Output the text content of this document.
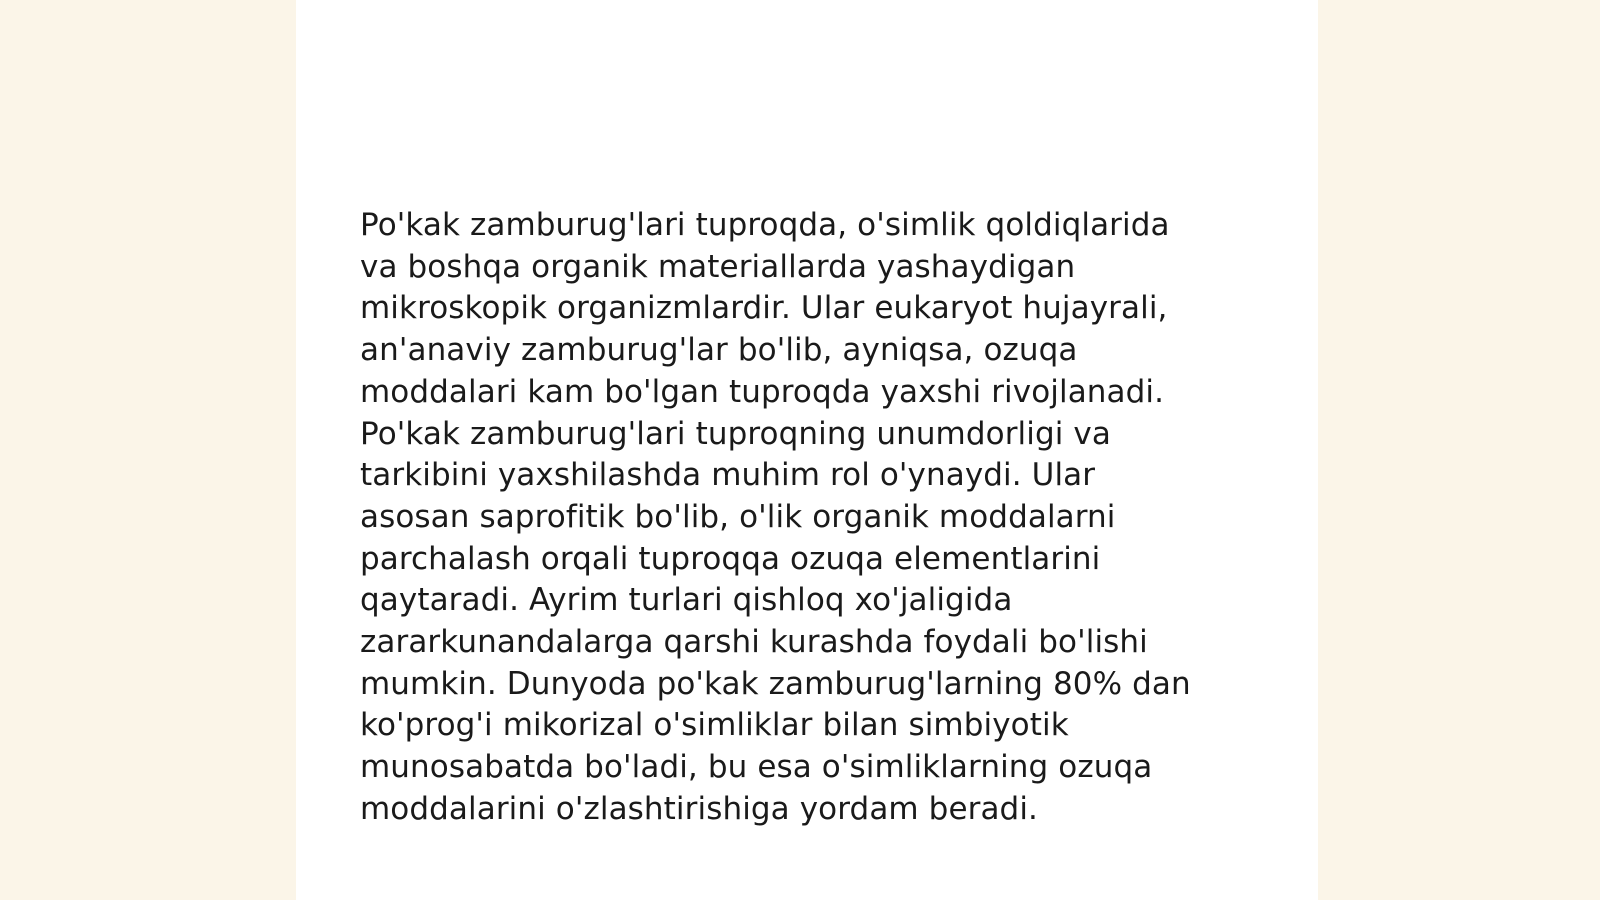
Po'kak zamburug'lari tuproqda, o'simlik qoldiqlarida
va boshqa organik materiallarda yashaydigan
mikroskopik organizmlardir. Ular eukaryot hujayrali,
an'anaviy zamburug'lar bo'lib, ayniqsa, ozuqa
moddalari kam bo'lgan tuproqda yaxshi rivojlanadi.
Po'kak zamburug'lari tuproqning unumdorligi va
tarkibini yaxshilashda muhim rol o'ynaydi. Ular
asosan saprofitik bo'lib, o'lik organik moddalarni
parchalash orqali tuproqqa ozuqa elementlarini
qaytaradi. Ayrim turlari qishloq xo'jaligida
zararkunandalarga qarshi kurashda foydali bo'lishi
mumkin. Dunyoda po'kak zamburug'larning 80% dan
ko'prog'i mikorizal o'simliklar bilan simbiyotik
munosabatda bo'ladi, bu esa o'simliklarning ozuqa
moddalarini o'zlashtirishiga yordam beradi.
